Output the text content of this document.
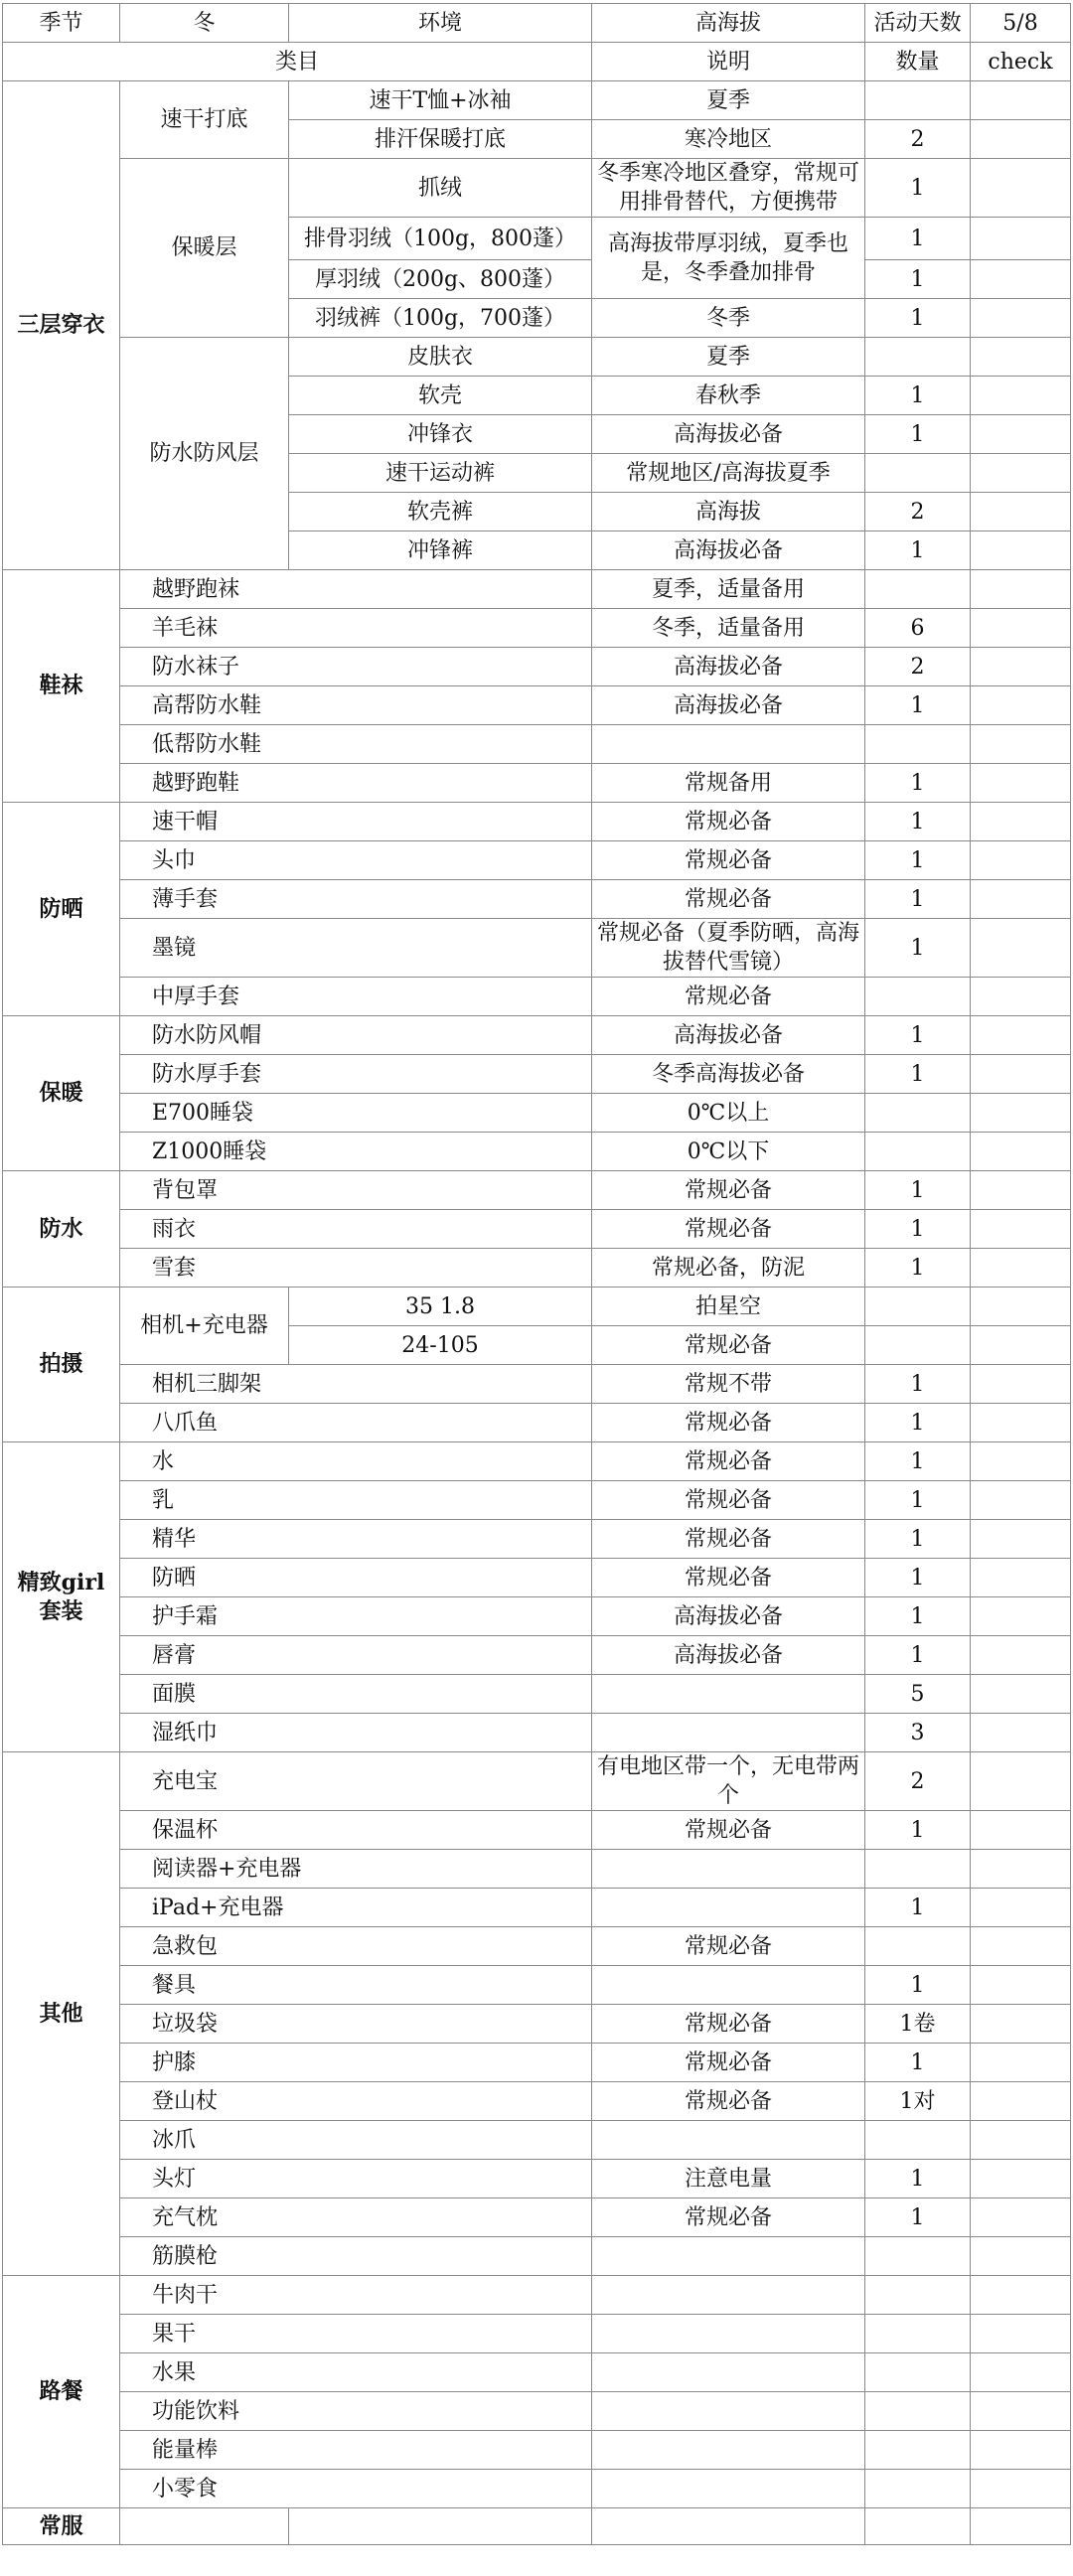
季节	冬	环境	高海拔	活动天数	5/8
类目			说明	数量	check
三层穿衣	速干打底	速干T恤+冰袖	夏季		
		排汗保暖打底	寒冷地区	2	
	保暖层	抓绒	冬季寒冷地区叠穿，常规可用排骨替代，方便携带	1	
		排骨羽绒（100g，800蓬）	高海拔带厚羽绒，夏季也是，冬季叠加排骨	1	
		厚羽绒（200g、800蓬）		1	
		羽绒裤（100g，700蓬）	冬季	1	
	防水防风层	皮肤衣	夏季		
		软壳	春秋季	1	
		冲锋衣	高海拔必备	1	
		速干运动裤	常规地区/高海拔夏季		
		软壳裤	高海拔	2	
		冲锋裤	高海拔必备	1	
鞋袜	越野跑袜		夏季，适量备用		
	羊毛袜		冬季，适量备用	6	
	防水袜子		高海拔必备	2	
	高帮防水鞋		高海拔必备	1	
	低帮防水鞋				
	越野跑鞋		常规备用	1	
防晒	速干帽		常规必备	1	
	头巾		常规必备	1	
	薄手套		常规必备	1	
	墨镜		常规必备（夏季防晒，高海拔替代雪镜）	1	
	中厚手套		常规必备		
保暖	防水防风帽		高海拔必备	1	
	防水厚手套		冬季高海拔必备	1	
	E700睡袋		0℃以上		
	Z1000睡袋		0℃以下		
防水	背包罩		常规必备	1	
	雨衣		常规必备	1	
	雪套		常规必备，防泥	1	
拍摄	相机+充电器	35 1.8	拍星空		
		24-105	常规必备		
	相机三脚架		常规不带	1	
	八爪鱼		常规必备	1	
精致girl套装	水		常规必备	1	
	乳		常规必备	1	
	精华		常规必备	1	
	防晒		常规必备	1	
	护手霜		高海拔必备	1	
	唇膏		高海拔必备	1	
	面膜			5	
	湿纸巾			3	
其他	充电宝		有电地区带一个，无电带两个	2	
	保温杯		常规必备	1	
	阅读器+充电器				
	iPad+充电器			1	
	急救包		常规必备		
	餐具			1	
	垃圾袋		常规必备	1卷	
	护膝		常规必备	1	
	登山杖		常规必备	1对	
	冰爪				
	头灯		注意电量	1	
	充气枕		常规必备	1	
	筋膜枪				
路餐	牛肉干				
	果干				
	水果				
	功能饮料				
	能量棒				
	小零食				
常服					
